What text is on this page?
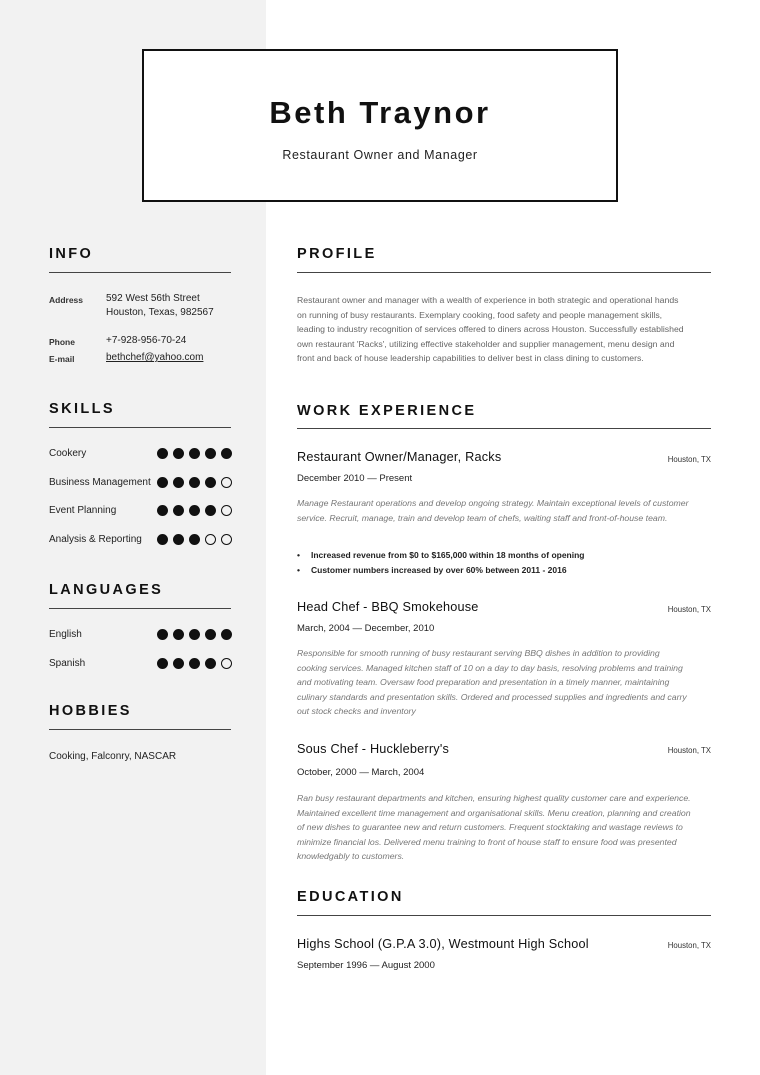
Beth Traynor
Restaurant Owner and Manager
INFO
Address 592 West 56th Street
Houston, Texas, 982567
Phone	+7-928-956-70-24
E-mail	bethchef@yahoo.com
SKILLS
Cookery
Business Management
Event Planning
Analysis & Reporting
LANGUAGES
English
Spanish
HOBBIES
Cooking, Falconry, NASCAR
PROFILE
Restaurant owner and manager with a wealth of experience in both strategic and operational hands on running of busy restaurants. Exemplary cooking, food safety and people management skills, leading to industry recognition of services offered to diners across Houston. Successfully established own restaurant 'Racks', utilizing effective stakeholder and supplier management, menu design and front and back of house leadership capabilities to deliver best in class dining to customers.
WORK EXPERIENCE
Restaurant Owner/Manager, Racks	Houston, TX
December 2010 — Present
Manage Restaurant operations and develop ongoing strategy. Maintain exceptional levels of customer service. Recruit, manage, train and develop team of chefs, waiting staff and front-of-house team.
• Increased revenue from $0 to $165,000 within 18 months of opening
• Customer numbers increased by over 60% between 2011 - 2016
Head Chef - BBQ Smokehouse	Houston, TX
March, 2004 — December, 2010
Responsible for smooth running of busy restaurant serving BBQ dishes in addition to providing cooking services. Managed kitchen staff of 10 on a day to day basis, resolving problems and training and motivating team. Oversaw food preparation and presentation in a timely manner, maintaining culinary standards and presentation skills. Ordered and processed supplies and ingredients and carry out stock checks and inventory
Sous Chef - Huckleberry's	Houston, TX
October, 2000 — March, 2004
Ran busy restaurant departments and kitchen, ensuring highest quality customer care and experience. Maintained excellent time management and organisational skills. Menu creation, planning and creation of new dishes to guarantee new and return customers. Frequent stocktaking and wastage reviews to minimize financial los. Delivered menu training to front of house staff to ensure food was presented knowledgably to customers.
EDUCATION
Highs School (G.P.A 3.0), Westmount High School	Houston, TX
September 1996 — August 2000
